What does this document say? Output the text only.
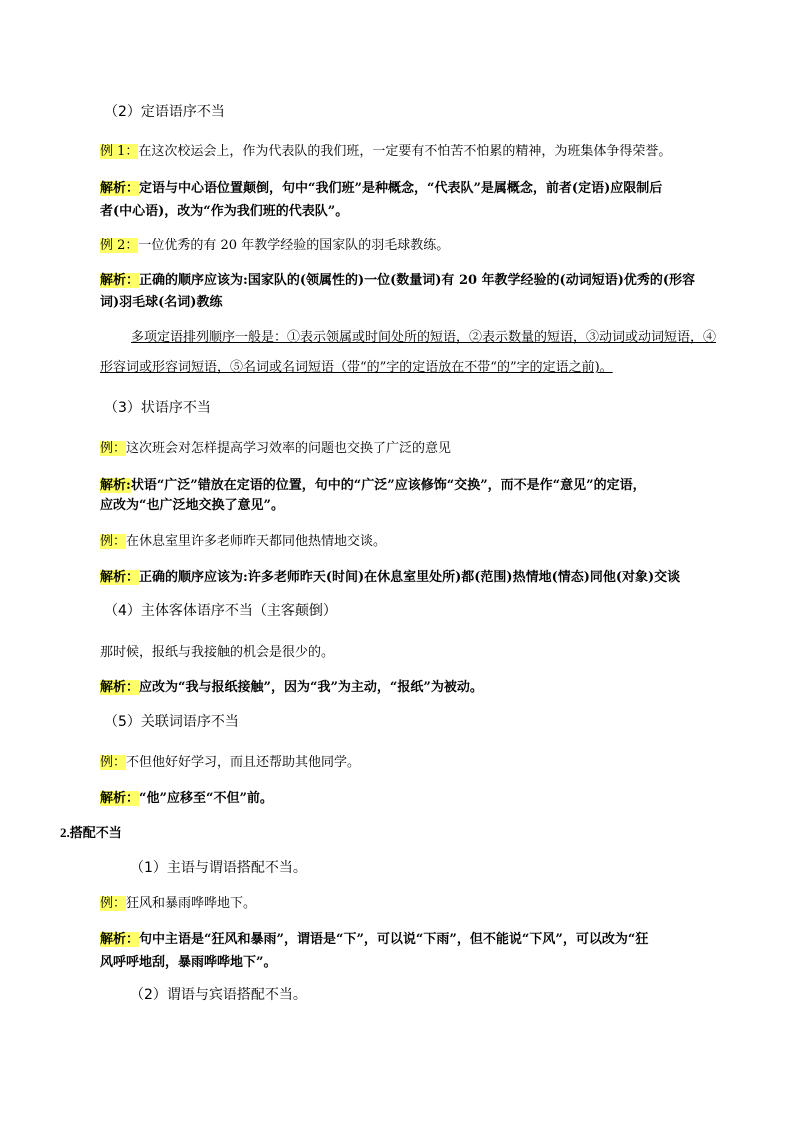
（2）定语语序不当
例 1：在这次校运会上，作为代表队的我们班，一定要有不怕苦不怕累的精神，为班集体争得荣誉。
解析：定语与中心语位置颠倒，句中“我们班”是种概念，“代表队”是属概念，前者(定语)应限制后
者(中心语)，改为“作为我们班的代表队”。
例 2：一位优秀的有 20 年教学经验的国家队的羽毛球教练。
解析：正确的顺序应该为:国家队的(领属性的)一位(数量词)有 20 年教学经验的(动词短语)优秀的(形容
词)羽毛球(名词)教练
多项定语排列顺序一般是：①表示领属或时间处所的短语，②表示数量的短语，③动词或动词短语，④
形容词或形容词短语，⑤名词或名词短语（带“的”字的定语放在不带“的”字的定语之前)。
（3）状语序不当
例：这次班会对怎样提高学习效率的问题也交换了广泛的意见
解析:状语“广泛”错放在定语的位置，句中的“广泛”应该修饰“交换”，而不是作“意见”的定语，
应改为“也广泛地交换了意见”。
例：在休息室里许多老师昨天都同他热情地交谈。
解析：正确的顺序应该为:许多老师昨天(时间)在休息室里处所)都(范围)热情地(情态)同他(对象)交谈
（4）主体客体语序不当（主客颠倒）
那时候，报纸与我接触的机会是很少的。
解析：应改为“我与报纸接触”，因为“我”为主动，“报纸”为被动。
（5）关联词语序不当
例：不但他好好学习，而且还帮助其他同学。
解析：“他”应移至“不但”前。
2.搭配不当
（1）主语与谓语搭配不当。
例：狂风和暴雨哗哗地下。
解析：句中主语是“狂风和暴雨”，谓语是“下”，可以说“下雨”，但不能说“下风”，可以改为“狂
风呼呼地刮，暴雨哗哗地下”。
（2）谓语与宾语搭配不当。
